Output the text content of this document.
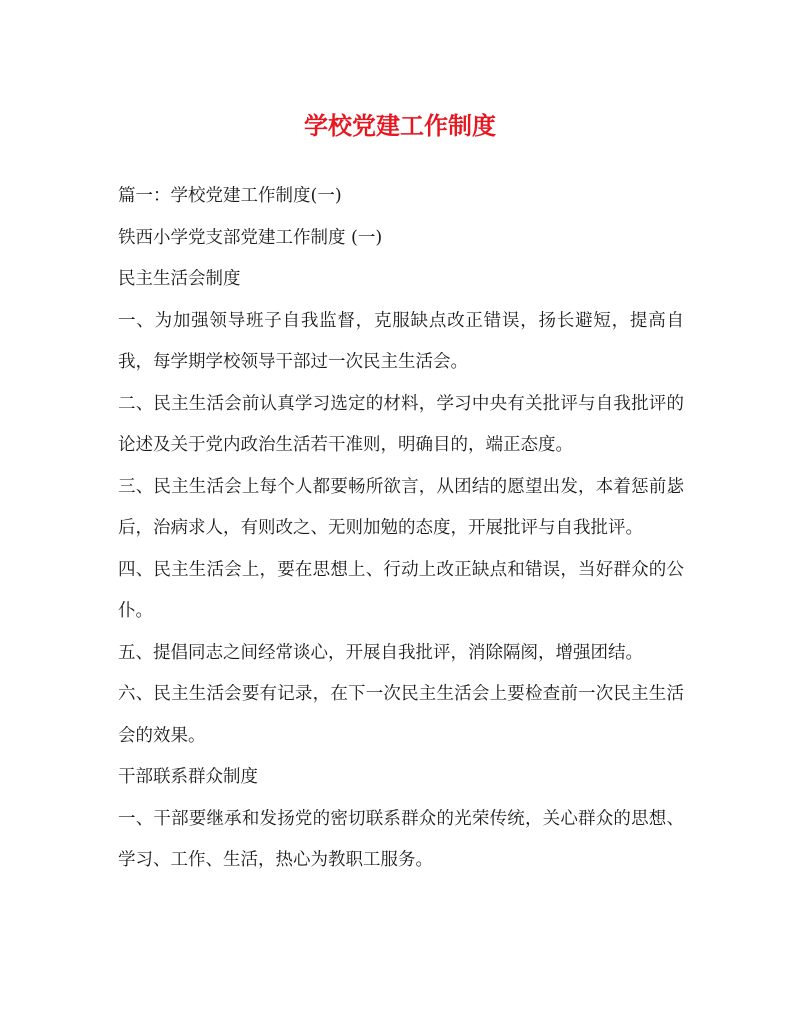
学校党建工作制度

篇一：学校党建工作制度(一)

铁西小学党支部党建工作制度 (一)

民主生活会制度

一、为加强领导班子自我监督，克服缺点改正错误，扬长避短，提高自我，每学期学校领导干部过一次民主生活会。

二、民主生活会前认真学习选定的材料，学习中央有关批评与自我批评的论述及关于党内政治生活若干准则，明确目的，端正态度。

三、民主生活会上每个人都要畅所欲言，从团结的愿望出发，本着惩前毖后，治病求人，有则改之、无则加勉的态度，开展批评与自我批评。

四、民主生活会上，要在思想上、行动上改正缺点和错误，当好群众的公仆。

五、提倡同志之间经常谈心，开展自我批评，消除隔阂，增强团结。

六、民主生活会要有记录，在下一次民主生活会上要检查前一次民主生活会的效果。

干部联系群众制度

一、干部要继承和发扬党的密切联系群众的光荣传统，关心群众的思想、学习、工作、生活，热心为教职工服务。
